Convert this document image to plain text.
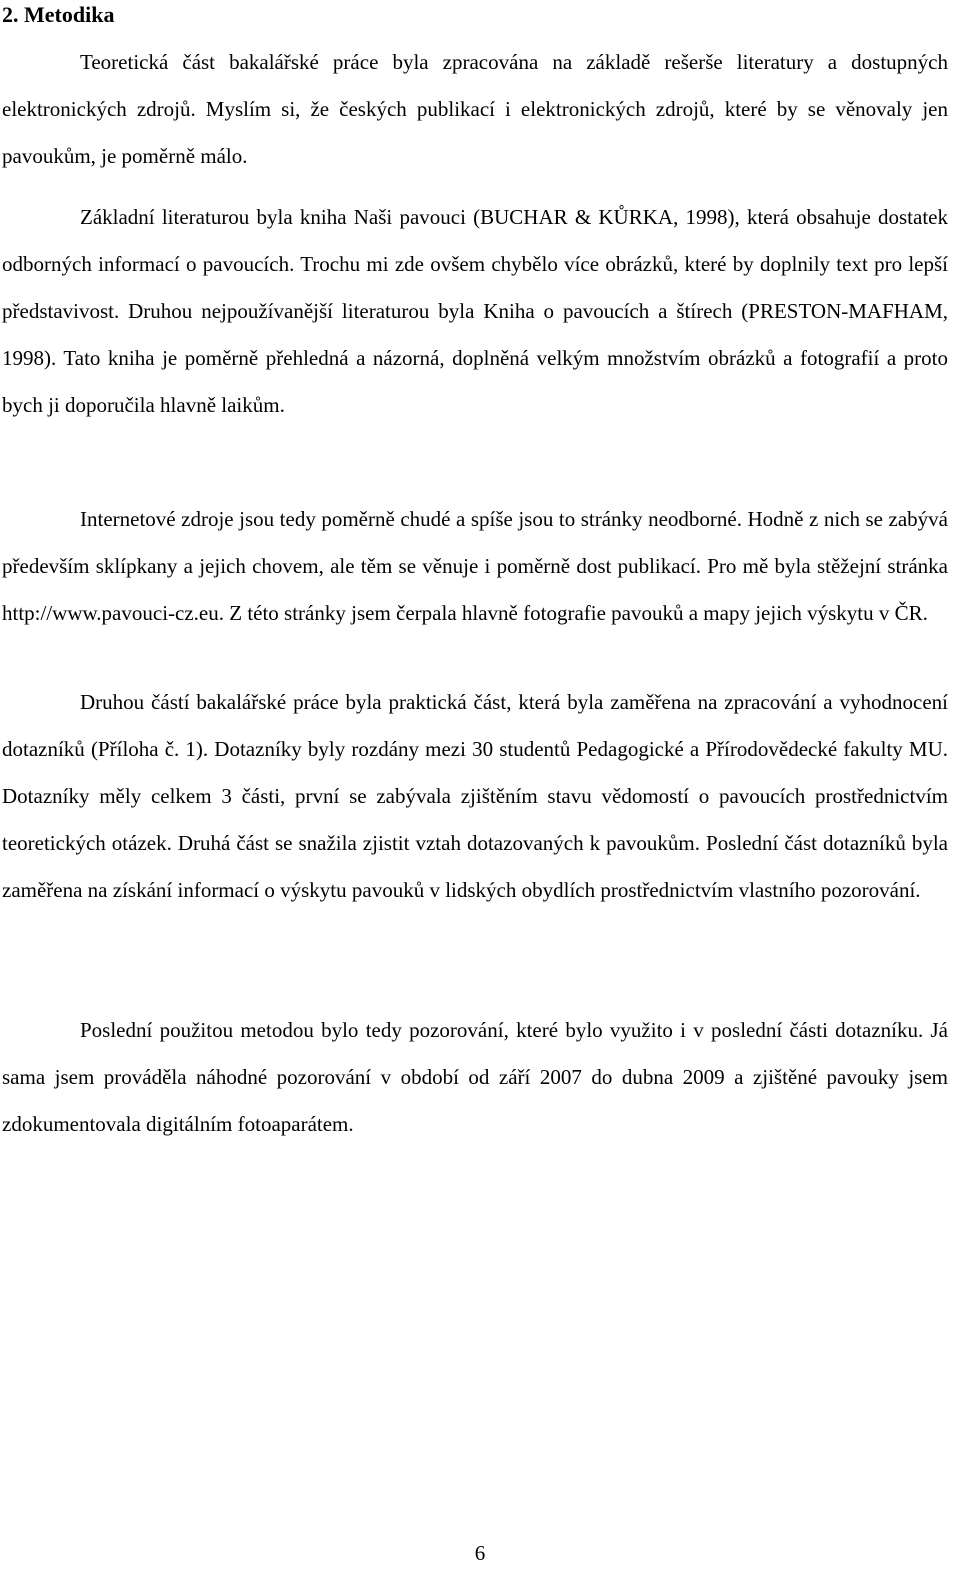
2. Metodika

Teoretická část bakalářské práce byla zpracována na základě rešerše literatury a dostupných elektronických zdrojů. Myslím si, že českých publikací i elektronických zdrojů, které by se věnovaly jen pavoukům, je poměrně málo.

Základní literaturou byla kniha Naši pavouci (BUCHAR & KŮRKA, 1998), která obsahuje dostatek odborných informací o pavoucích. Trochu mi zde ovšem chybělo více obrázků, které by doplnily text pro lepší představivost. Druhou nejpoužívanější literaturou byla Kniha o pavoucích a štírech (PRESTON-MAFHAM, 1998). Tato kniha je poměrně přehledná a názorná, doplněná velkým množstvím obrázků a fotografií a proto bych ji doporučila hlavně laikům.

Internetové zdroje jsou tedy poměrně chudé a spíše jsou to stránky neodborné. Hodně z nich se zabývá především sklípkany a jejich chovem, ale těm se věnuje i poměrně dost publikací. Pro mě byla stěžejní stránka http://www.pavouci-cz.eu. Z této stránky jsem čerpala hlavně fotografie pavouků a mapy jejich výskytu v ČR.

Druhou částí bakalářské práce byla praktická část, která byla zaměřena na zpracování a vyhodnocení dotazníků (Příloha č. 1). Dotazníky byly rozdány mezi 30 studentů Pedagogické a Přírodovědecké fakulty MU. Dotazníky měly celkem 3 části, první se zabývala zjištěním stavu vědomostí o pavoucích prostřednictvím teoretických otázek. Druhá část se snažila zjistit vztah dotazovaných k pavoukům. Poslední část dotazníků byla zaměřena na získání informací o výskytu pavouků v lidských obydlích prostřednictvím vlastního pozorování.

Poslední použitou metodou bylo tedy pozorování, které bylo využito i v poslední části dotazníku. Já sama jsem prováděla náhodné pozorování v období od září 2007 do dubna 2009 a zjištěné pavouky jsem zdokumentovala digitálním fotoaparátem.

6
